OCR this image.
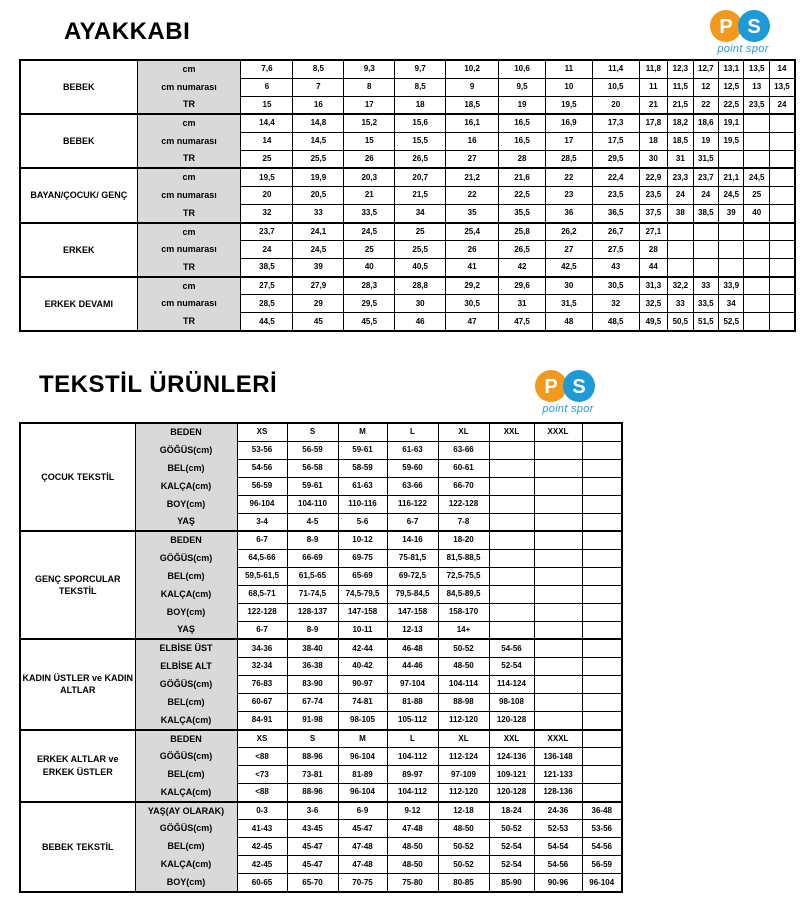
AYAKKABI
TEKSTİL ÜRÜNLERİ
P S
point spor
P S
point spor
BEBEK	cm	7,6	8,5	9,3	9,7	10,2	10,6	11	11,4	11,8	12,3	12,7	13,1	13,5	14
	cm numarası	6	7	8	8,5	9	9,5	10	10,5	11	11,5	12	12,5	13	13,5
	TR	15	16	17	18	18,5	19	19,5	20	21	21,5	22	22,5	23,5	24
BEBEK	cm	14,4	14,8	15,2	15,6	16,1	16,5	16,9	17,3	17,8	18,2	18,6	19,1		
	cm numarası	14	14,5	15	15,5	16	16,5	17	17,5	18	18,5	19	19,5		
	TR	25	25,5	26	26,5	27	28	28,5	29,5	30	31	31,5			
BAYAN/ÇOCUK/ GENÇ	cm	19,5	19,9	20,3	20,7	21,2	21,6	22	22,4	22,9	23,3	23,7	21,1	24,5	
	cm numarası	20	20,5	21	21,5	22	22,5	23	23,5	23,5	24	24	24,5	25	
	TR	32	33	33,5	34	35	35,5	36	36,5	37,5	38	38,5	39	40	
ERKEK	cm	23,7	24,1	24,5	25	25,4	25,8	26,2	26,7	27,1					
	cm numarası	24	24,5	25	25,5	26	26,5	27	27,5	28					
	TR	38,5	39	40	40,5	41	42	42,5	43	44					
ERKEK DEVAMI	cm	27,5	27,9	28,3	28,8	29,2	29,6	30	30,5	31,3	32,2	33	33,9		
	cm numarası	28,5	29	29,5	30	30,5	31	31,5	32	32,5	33	33,5	34		
	TR	44,5	45	45,5	46	47	47,5	48	48,5	49,5	50,5	51,5	52,5		
ÇOCUK TEKSTİL	BEDEN	XS	S	M	L	XL	XXL	XXXL	
	GÖĞÜS(cm)	53-56	56-59	59-61	61-63	63-66			
	BEL(cm)	54-56	56-58	58-59	59-60	60-61			
	KALÇA(cm)	56-59	59-61	61-63	63-66	66-70			
	BOY(cm)	96-104	104-110	110-116	116-122	122-128			
	YAŞ	3-4	4-5	5-6	6-7	7-8			
GENÇ SPORCULAR TEKSTİL	BEDEN	6-7	8-9	10-12	14-16	18-20			
	GÖĞÜS(cm)	64,5-66	66-69	69-75	75-81,5	81,5-88,5			
	BEL(cm)	59,5-61,5	61,5-65	65-69	69-72,5	72,5-75,5			
	KALÇA(cm)	68,5-71	71-74,5	74,5-79,5	79,5-84,5	84,5-89,5			
	BOY(cm)	122-128	128-137	147-158	147-158	158-170			
	YAŞ	6-7	8-9	10-11	12-13	14+			
KADIN ÜSTLER ve KADIN ALTLAR	ELBİSE ÜST	34-36	38-40	42-44	46-48	50-52	54-56		
	ELBİSE ALT	32-34	36-38	40-42	44-46	48-50	52-54		
	GÖĞÜS(cm)	76-83	83-90	90-97	97-104	104-114	114-124		
	BEL(cm)	60-67	67-74	74-81	81-88	88-98	98-108		
	KALÇA(cm)	84-91	91-98	98-105	105-112	112-120	120-128		
ERKEK ALTLAR ve ERKEK ÜSTLER	BEDEN	XS	S	M	L	XL	XXL	XXXL	
	GÖĞÜS(cm)	<88	88-96	96-104	104-112	112-124	124-136	136-148	
	BEL(cm)	<73	73-81	81-89	89-97	97-109	109-121	121-133	
	KALÇA(cm)	<88	88-96	96-104	104-112	112-120	120-128	128-136	
BEBEK TEKSTİL	YAŞ(AY OLARAK)	0-3	3-6	6-9	9-12	12-18	18-24	24-36	36-48
	GÖĞÜS(cm)	41-43	43-45	45-47	47-48	48-50	50-52	52-53	53-56
	BEL(cm)	42-45	45-47	47-48	48-50	50-52	52-54	54-54	54-56
	KALÇA(cm)	42-45	45-47	47-48	48-50	50-52	52-54	54-56	56-59
	BOY(cm)	60-65	65-70	70-75	75-80	80-85	85-90	90-96	96-104
